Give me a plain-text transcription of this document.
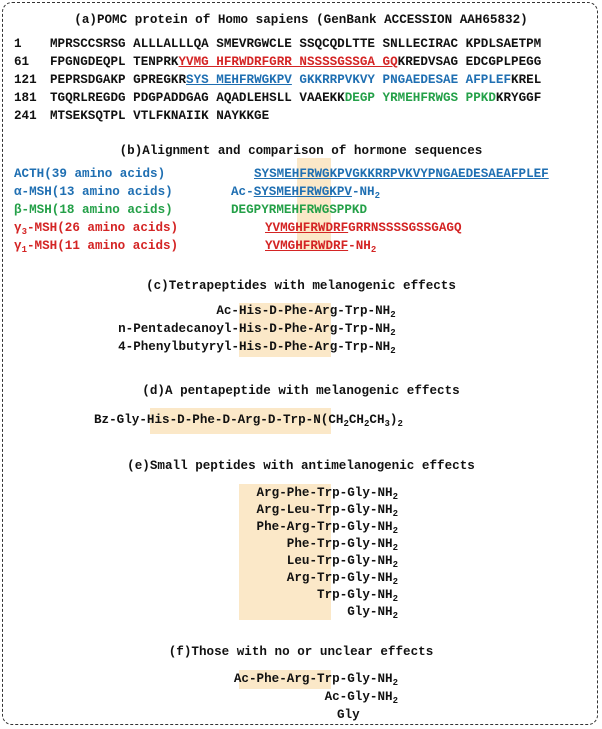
(a)POMC protein of Homo sapiens (GenBank ACCESSION AAH65832)

1 MPRSCCSRSG ALLLALLLQA SMEVRGWCLE SSQCQDLTTE SNLLECIRAC KPDLSAETPM

61 FPGNGDEQPL TENPRKYVMG HFRWDRFGRR NSSSSGSSGA GQKREDVSAG EDCGPLPEGG

121 PEPRSDGAKP GPREGKRSYS MEHFRWGKPV GKKRRPVKVY PNGAEDESAE AFPLEFKREL

181 TGQRLREGDG PDGPADDGAG AQADLEHSLL VAAEKKDEGP YRMEHFRWGS PPKDKRYGGF

241 MTSEKSQTPL VTLFKNAIIK NAYKKGE

(b)Alignment and comparison of hormone sequences

ACTH(39 amino acids)	SYSMEHFRWGKPVGKKRRPVKVYPNGAEDESAEAFPLEF

α-MSH(13 amino acids)	$Ac-SYSMEHFRWGKPV-NH_2$

β-MSH(18 amino acids)	DEGPYRMEHFRWGSPPKD

$\gamma_3-MSH(26$ amino acids)	YVMGHFRWDRFGRRNSSSSGSSGAGQ

$\gamma_1-MSH(11$ amino acids)	YVMGHFRWDRF-$NH_2$

(c)Tetrapeptides with melanogenic effects

Ac- His-$D-Phe-Arg-Trp-NH_2$

n-Pentadecanoyl- His-$D-Phe-Arg-Trp-NH_2$

4-Phenylbutyryl- His-$D-Phe-Arg-Trp-NH_2$

(d)A pentapeptide with melanogenic effects

$Bz-Gly-His-D-Phe-D-Arg-D-Trp-N(CH_2CH_2CH_3)_2$

(e)Small peptides with antimelanogenic effects

Arg-$Phe-Trp-Gly-NH_2$

Arg-$Leu-Trp-Gly-NH_2$

Phe-$Arg-Trp-Gly-NH_2$

Phe-$Trp-Gly-NH_2$

Leu-$Trp-Gly-NH_2$

Arg-$Trp-Gly-NH_2$

Trp-$Gly-NH_2$

Gly-$NH_2$

(f)Those with no or unclear effects

$Ac-Phe-Arg-Trp-Gly-NH_2$

$Ac-Gly-NH_2$

Gly
